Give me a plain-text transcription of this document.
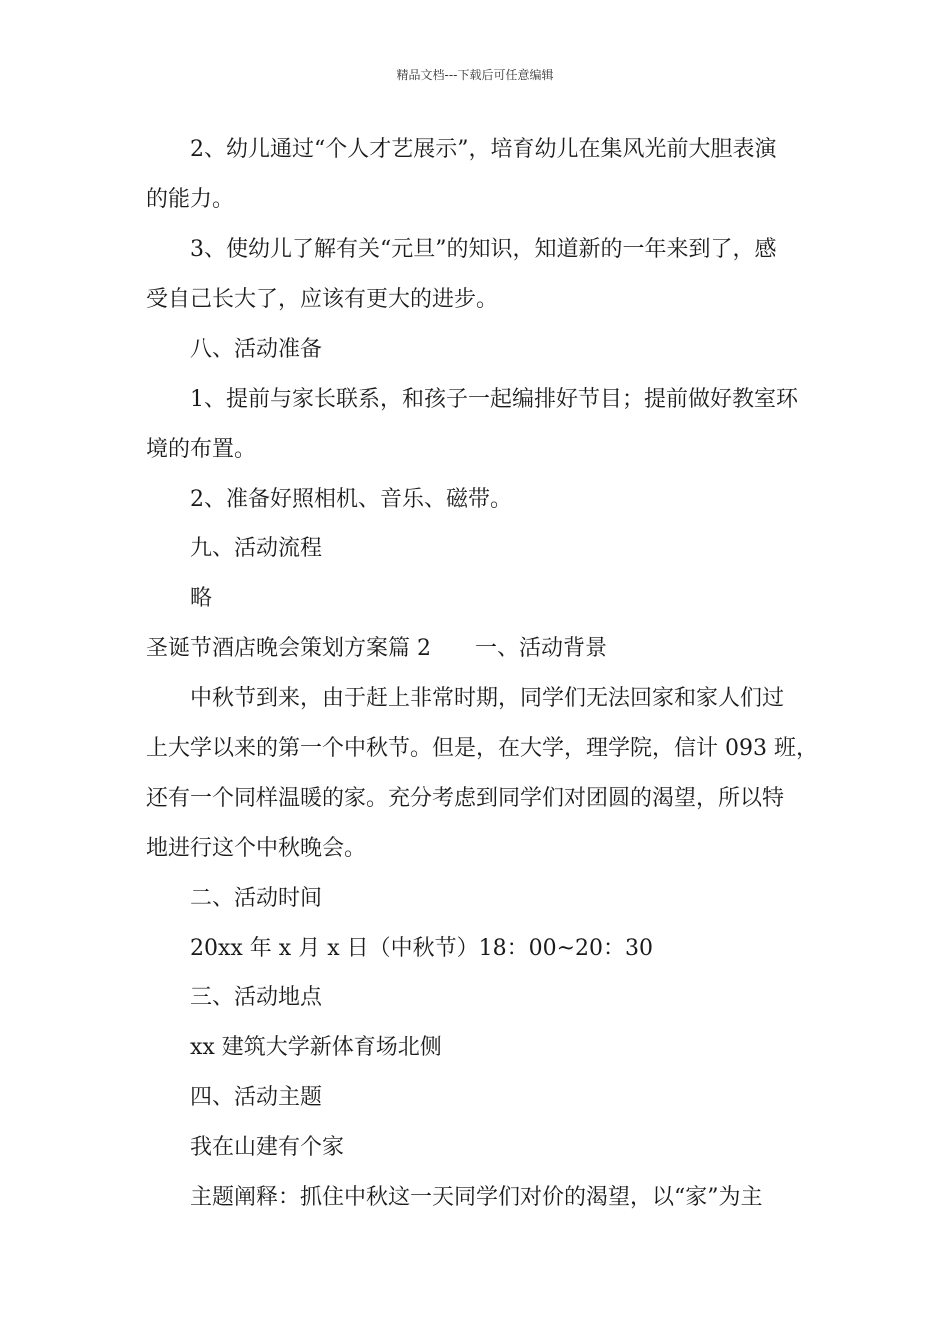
精品文档---下载后可任意编辑
2、幼儿通过“个人才艺展示”，培育幼儿在集风光前大胆表演
的能力。
3、使幼儿了解有关“元旦”的知识，知道新的一年来到了，感
受自己长大了，应该有更大的进步。
八、活动准备
1、提前与家长联系，和孩子一起编排好节目；提前做好教室环
境的布置。
2、准备好照相机、音乐、磁带。
九、活动流程
略
圣诞节酒店晚会策划方案篇 2　　一、活动背景
中秋节到来，由于赶上非常时期，同学们无法回家和家人们过
上大学以来的第一个中秋节。但是，在大学，理学院，信计 093 班，
还有一个同样温暖的家。充分考虑到同学们对团圆的渴望，所以特
地进行这个中秋晚会。
二、活动时间
20xx 年 x 月 x 日（中秋节）18：00~20：30
三、活动地点
xx 建筑大学新体育场北侧
四、活动主题
我在山建有个家
主题阐释：抓住中秋这一天同学们对价的渴望，以“家”为主
